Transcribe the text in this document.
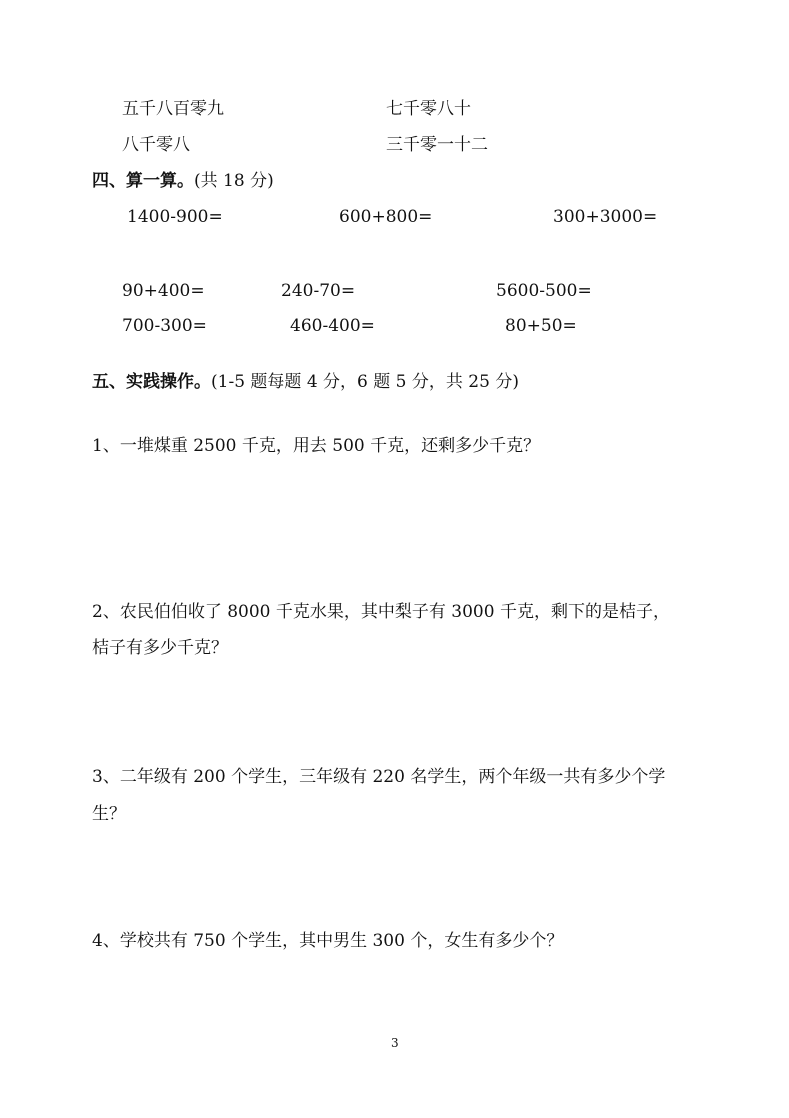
五千八百零九	七千零八十
八千零八	三千零一十二
四、算一算。(共 18 分)
1400-900=	600+800=	300+3000=
90+400=	240-70=	5600-500=
700-300=	460-400=	80+50=
五、实践操作。(1-5 题每题 4 分，6 题 5 分，共 25 分)
1、一堆煤重 2500 千克，用去 500 千克，还剩多少千克？
2、农民伯伯收了 8000 千克水果，其中梨子有 3000 千克，剩下的是桔子，
桔子有多少千克？
3、二年级有 200 个学生，三年级有 220 名学生，两个年级一共有多少个学
生？
4、学校共有 750 个学生，其中男生 300 个，女生有多少个？
3
